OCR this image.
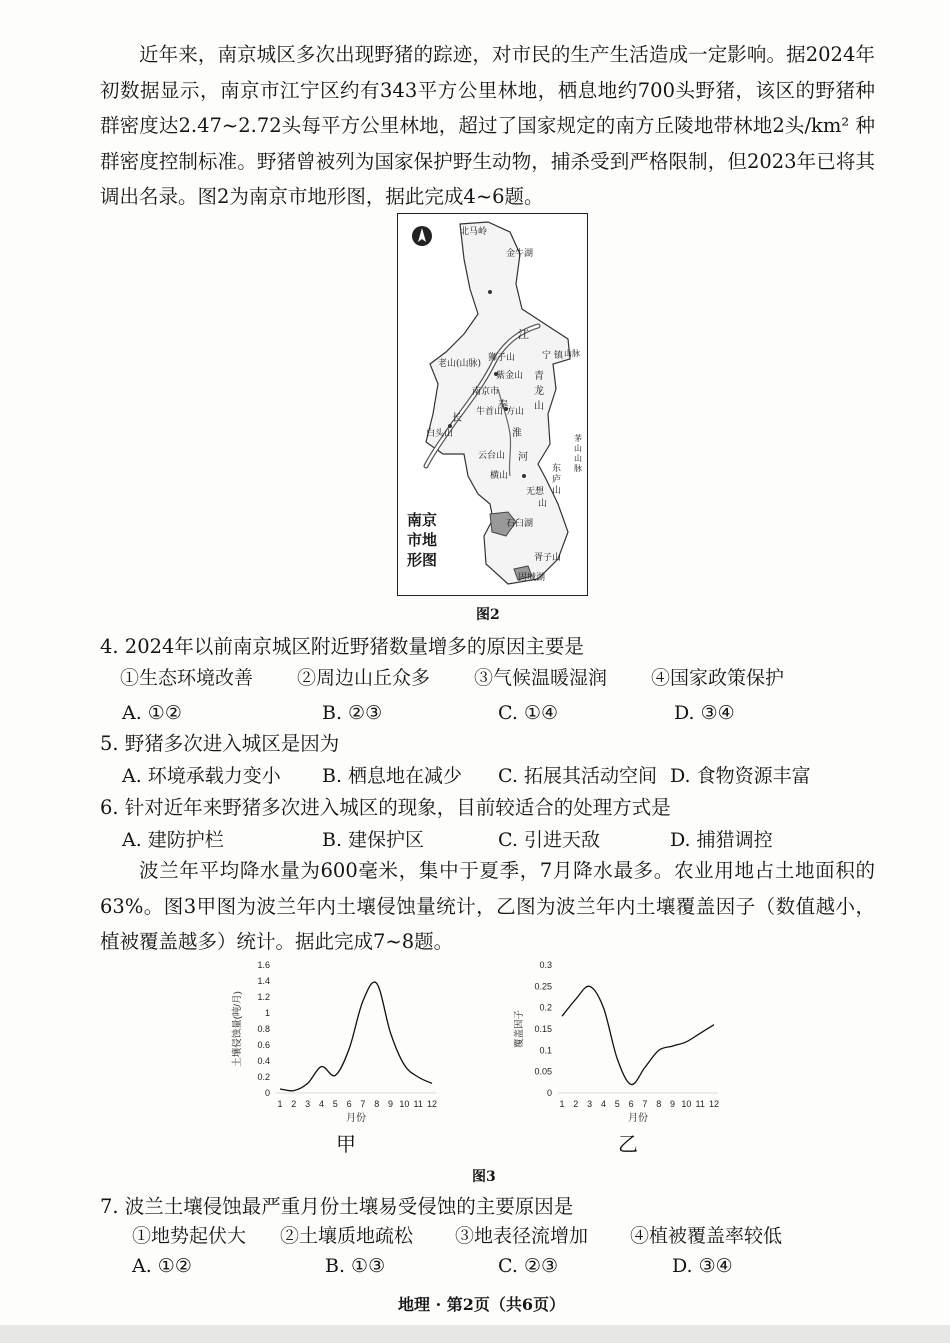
近年来，南京城区多次出现野猪的踪迹，对市民的生产生活造成一定影响。据2024年初数据显示，南京市江宁区约有343平方公里林地，栖息地约700头野猪，该区的野猪种群密度达2.47~2.72头每平方公里林地，超过了国家规定的南方丘陵地带林地2头/km² 种群密度控制标准。野猪曾被列为国家保护野生动物，捕杀受到严格限制，但2023年已将其调出名录。图2为南京市地形图，据此完成4~6题。

北马岭
金牛湖
江
老山(山脉)
狮子山
紫金山
南京市
青
龙
山
秦
牛首山 方山
长
白头山	淮
云台山 河
横山
无想
山
石臼湖
东庐山
茅山山脉
宁 镇 山脉
胥子山
固城湖
南京
市地
形图
图2
4. 2024年以前南京城区附近野猪数量增多的原因主要是
①生态环境改善 ②周边山丘众多 ③气候温暖湿润 ④国家政策保护
A. ①②	B. ②③	C. ①④	D. ③④
5. 野猪多次进入城区是因为
A. 环境承载力变小 B. 栖息地在减少 C. 拓展其活动空间 D. 食物资源丰富
6. 针对近年来野猪多次进入城区的现象，目前较适合的处理方式是
A. 建防护栏	B. 建保护区	C. 引进天敌	D. 捕猎调控

波兰年平均降水量为600毫米，集中于夏季，7月降水最多。农业用地占土地面积的63%。图3甲图为波兰年内土壤侵蚀量统计，乙图为波兰年内土壤覆盖因子（数值越小，植被覆盖越多）统计。据此完成7~8题。

0
0.2
0.4
0.6
0.8
1
1.2
1.4
1.6
土壤侵蚀量(吨/月)
1 2 3 4 5 6 7 8 9 10 11 12
月份
甲
0
0.05
0.1
0.15
0.2
0.25
0.3
覆盖因子
1 2 3 4 5 6 7 8 9 10 11 12
月份
乙
图3
7. 波兰土壤侵蚀最严重月份土壤易受侵蚀的主要原因是
①地势起伏大 ②土壤质地疏松 ③地表径流增加 ④植被覆盖率较低
A. ①②	B. ①③	C. ②③	D. ③④
地理 · 第2页（共6页）
